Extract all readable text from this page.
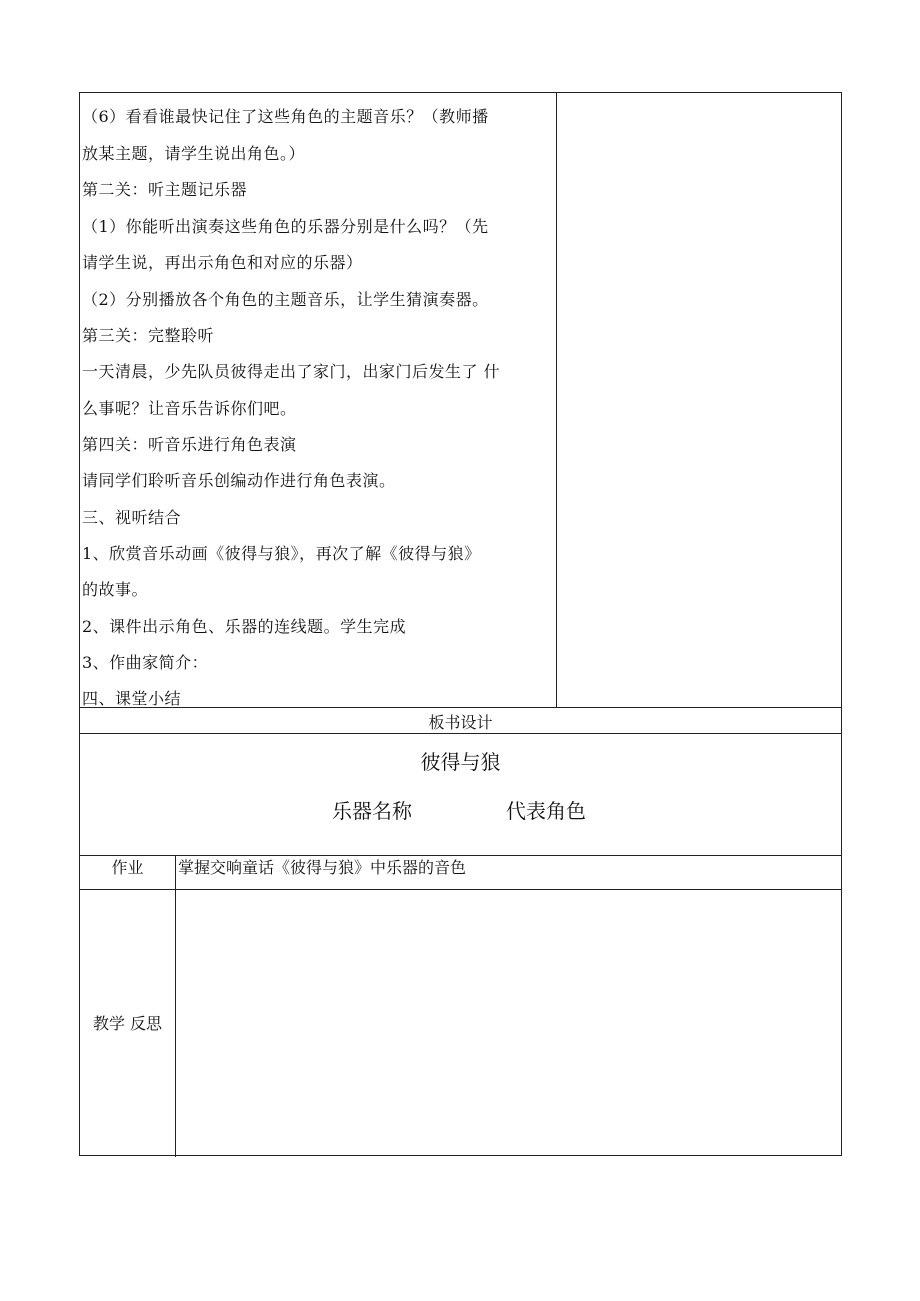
（6）看看谁最快记住了这些角色的主题音乐？（教师播
放某主题，请学生说出角色。）
第二关：听主题记乐器
（1）你能听出演奏这些角色的乐器分别是什么吗？（先
请学生说，再出示角色和对应的乐器）
（2）分别播放各个角色的主题音乐，让学生猜演奏器。
第三关：完整聆听
一天清晨，少先队员彼得走出了家门，出家门后发生了 什
么事呢？让音乐告诉你们吧。
第四关：听音乐进行角色表演
请同学们聆听音乐创编动作进行角色表演。
三、视听结合
1、欣赏音乐动画《彼得与狼》，再次了解《彼得与狼》
的故事。
2、课件出示角色、乐器的连线题。学生完成
3、作曲家简介：
四、课堂小结
板书设计
彼得与狼
乐器名称	代表角色
作业	掌握交响童话《彼得与狼》中乐器的音色
教学 反思
